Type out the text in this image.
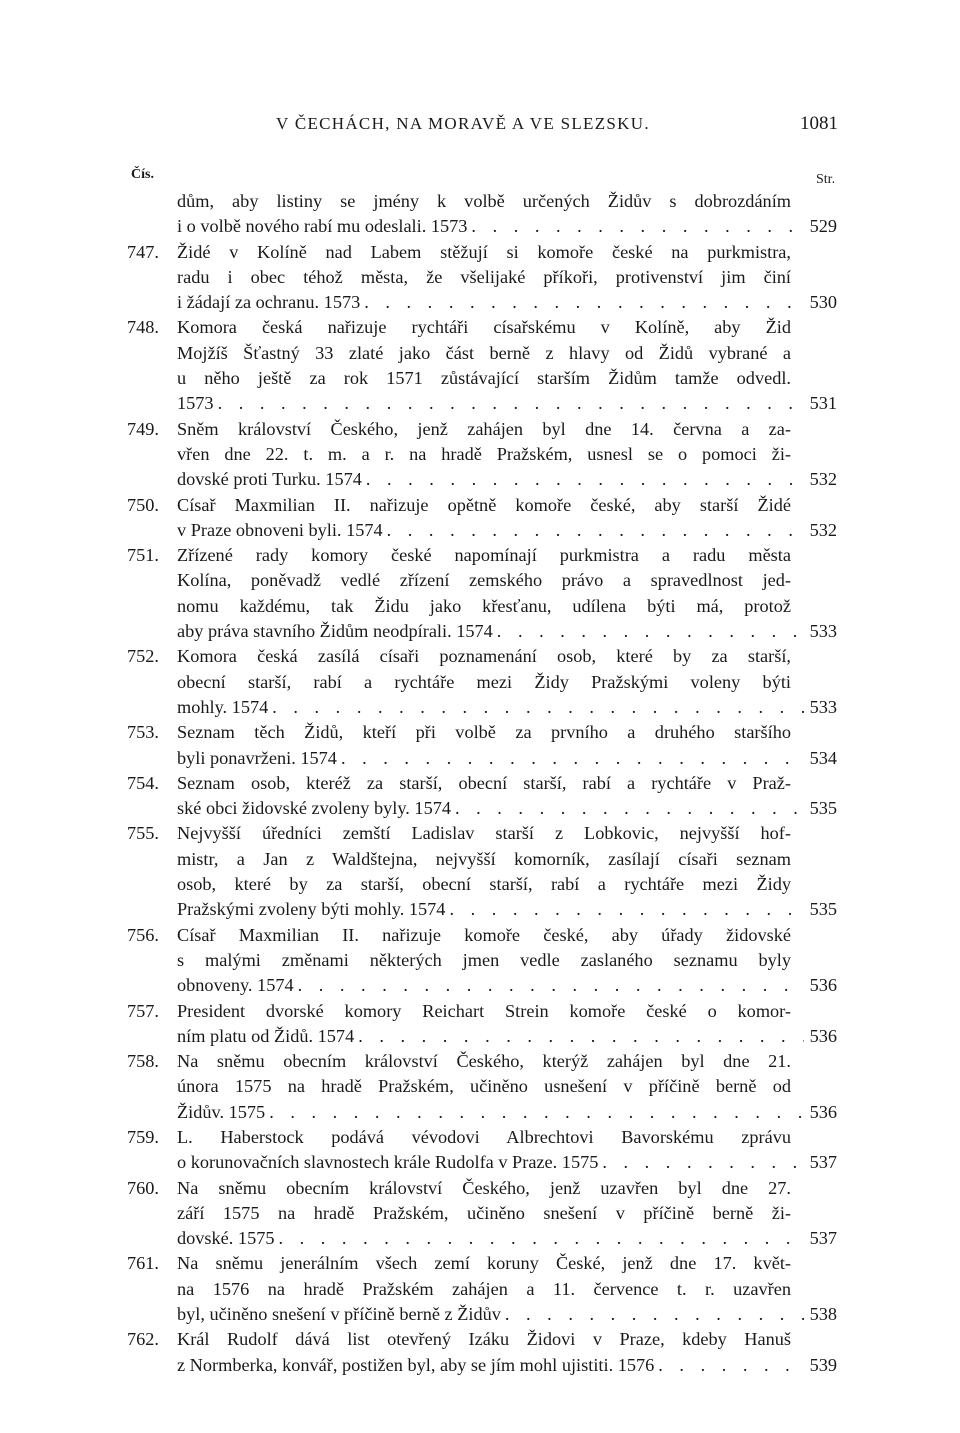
V ČECHÁCH, NA MORAVĚ A VE SLEZSKU.	1081
Čís.	Str.
dům, aby listiny se jmény k volbě určených Židův s dobrozdáním
i o volbě nového rabí mu odeslali. 1573 . . .	529
747. Židé v Kolíně nad Labem stěžují si komoře české na purkmistra,
radu i obec téhož města, že všelijaké příkoři, protivenství jim činí
i žádají za ochranu. 1573 . . .	530
748. Komora česká nařizuje rychtáři císařskému v Kolíně, aby Žid
Mojžíš Šťastný 33 zlaté jako část berně z hlavy od Židů vybrané a
u něho ještě za rok 1571 zůstávající starším Židům tamže odvedl.
1573 . . .	531
749. Sněm království Českého, jenž zahájen byl dne 14. června a za-
vřen dne 22. t. m. a r. na hradě Pražském, usnesl se o pomoci ži-
dovské proti Turku. 1574 . . .	532
750. Císař Maxmilian II. nařizuje opětně komoře české, aby starší Židé
v Praze obnoveni byli. 1574 . . .	532
751. Zřízené rady komory české napomínají purkmistra a radu města
Kolína, poněvadž vedlé zřízení zemského právo a spravedlnost jed-
nomu každému, tak Židu jako křesťanu, udílena býti má, protož
aby práva stavního Židům neodpírali. 1574 . . .	533
752. Komora česká zasílá císaři poznamenání osob, které by za starší,
obecní starší, rabí a rychtáře mezi Židy Pražskými voleny býti
mohly. 1574 . . .	533
753. Seznam těch Židů, kteří při volbě za prvního a druhého staršího
byli ponavrženi. 1574 . . .	534
754. Seznam osob, kteréž za starší, obecní starší, rabí a rychtáře v Praž-
ské obci židovské zvoleny byly. 1574 . . .	535
755. Nejvyšší úředníci zemští Ladislav starší z Lobkovic, nejvyšší hof-
mistr, a Jan z Waldštejna, nejvyšší komorník, zasílají císaři seznam
osob, které by za starší, obecní starší, rabí a rychtáře mezi Židy
Pražskými zvoleny býti mohly. 1574 . . .	535
756. Císař Maxmilian II. nařizuje komoře české, aby úřady židovské
s malými změnami některých jmen vedle zaslaného seznamu byly
obnoveny. 1574 . . .	536
757. President dvorské komory Reichart Strein komoře české o komor-
ním platu od Židů. 1574 . . .	536
758. Na sněmu obecním království Českého, kterýž zahájen byl dne 21.
února 1575 na hradě Pražském, učiněno usnešení v příčině berně od
Židův. 1575 . . .	536
759. L. Haberstock podává vévodovi Albrechtovi Bavorskému zprávu
o korunovačních slavnostech krále Rudolfa v Praze. 1575 . . .	537
760. Na sněmu obecním království Českého, jenž uzavřen byl dne 27.
září 1575 na hradě Pražském, učiněno snešení v příčině berně ži-
dovské. 1575 . . .	537
761. Na sněmu jenerálním všech zemí koruny České, jenž dne 17. květ-
na 1576 na hradě Pražském zahájen a 11. července t. r. uzavřen
byl, učiněno snešení v příčině berně z Židův . . .	538
762. Král Rudolf dává list otevřený Izáku Židovi v Praze, kdeby Hanuš
z Normberka, konvář, postižen byl, aby se jím mohl ujistiti. 1576 . . .	539
